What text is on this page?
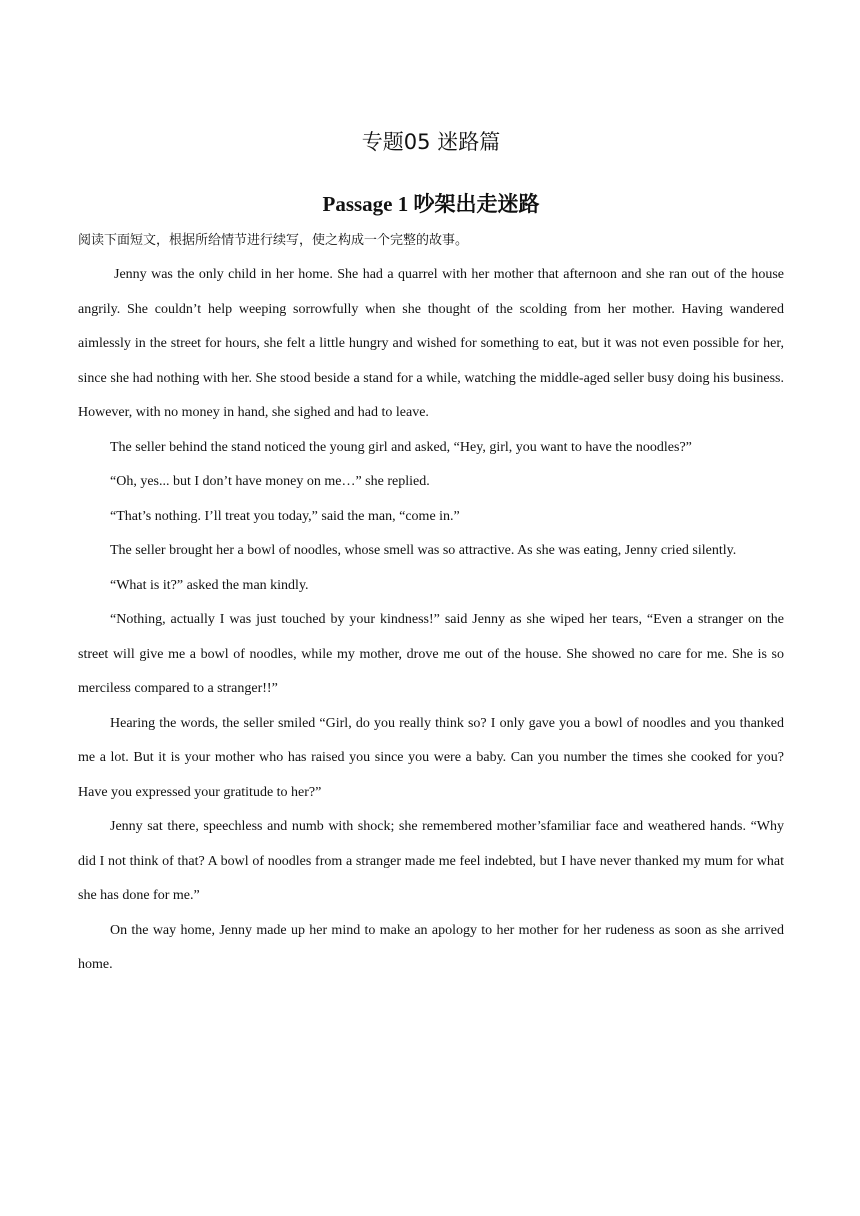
专题05 迷路篇
Passage 1 吵架出走迷路

阅读下面短文，根据所给情节进行续写，使之构成一个完整的故事。

Jenny was the only child in her home. She had a quarrel with her mother that afternoon and she ran out of the house angrily. She couldn’t help weeping sorrowfully when she thought of the scolding from her mother. Having wandered aimlessly in the street for hours, she felt a little hungry and wished for something to eat, but it was not even possible for her, since she had nothing with her. She stood beside a stand for a while, watching the middle-aged seller busy doing his business. However, with no money in hand, she sighed and had to leave.

The seller behind the stand noticed the young girl and asked, “Hey, girl, you want to have the noodles?”

“Oh, yes... but I don’t have money on me…” she replied.

“That’s nothing. I’ll treat you today,” said the man, “come in.”

The seller brought her a bowl of noodles, whose smell was so attractive. As she was eating, Jenny cried silently.

“What is it?” asked the man kindly.

“Nothing, actually I was just touched by your kindness!” said Jenny as she wiped her tears, “Even a stranger on the street will give me a bowl of noodles, while my mother, drove me out of the house. She showed no care for me. She is so merciless compared to a stranger!!”

Hearing the words, the seller smiled “Girl, do you really think so? I only gave you a bowl of noodles and you thanked me a lot. But it is your mother who has raised you since you were a baby. Can you number the times she cooked for you? Have you expressed your gratitude to her?”

Jenny sat there, speechless and numb with shock; she remembered mother’sfamiliar face and weathered hands. “Why did I not think of that? A bowl of noodles from a stranger made me feel indebted, but I have never thanked my mum for what she has done for me.”

On the way home, Jenny made up her mind to make an apology to her mother for her rudeness as soon as she arrived home.
